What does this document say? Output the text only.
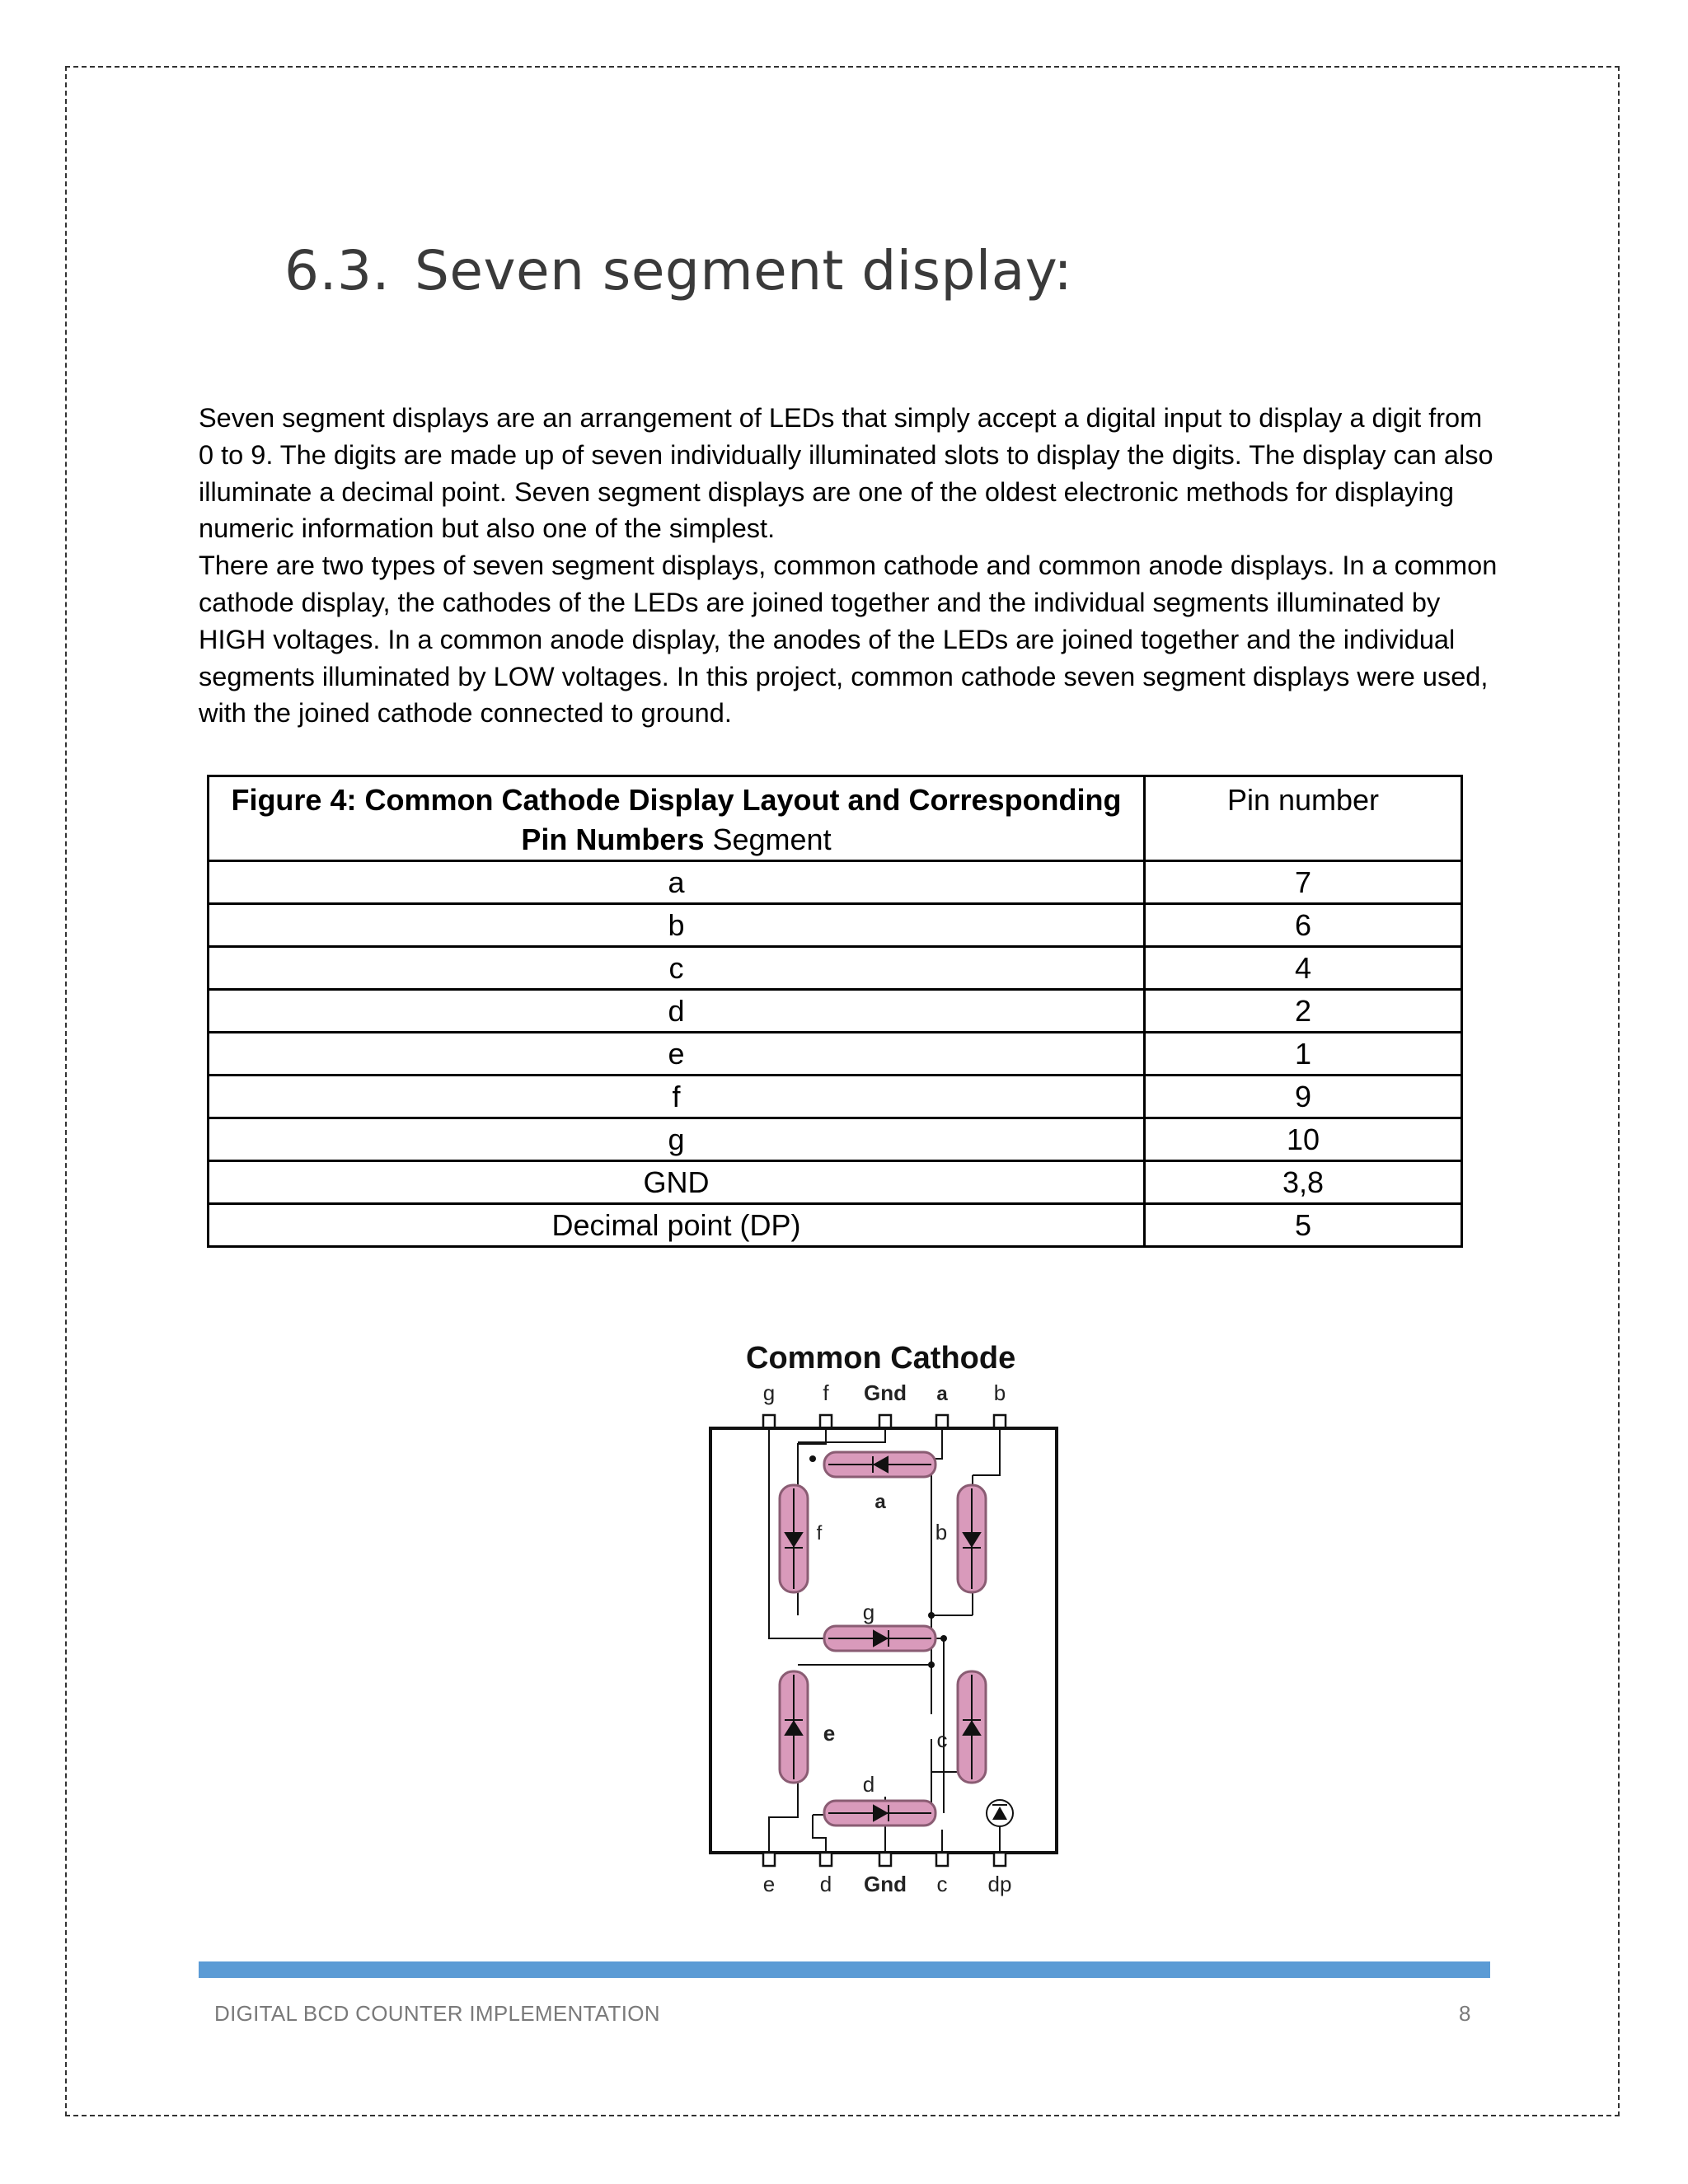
6.3. Seven segment display:

Seven segment displays are an arrangement of LEDs that simply accept a digital input to display a digit from 0 to 9. The digits are made up of seven individually illuminated slots to display the digits. The display can also illuminate a decimal point. Seven segment displays are one of the oldest electronic methods for displaying numeric information but also one of the simplest.

There are two types of seven segment displays, common cathode and common anode displays. In a common cathode display, the cathodes of the LEDs are joined together and the individual segments illuminated by HIGH voltages. In a common anode display, the anodes of the LEDs are joined together and the individual segments illuminated by LOW voltages. In this project, common cathode seven segment displays were used, with the joined cathode connected to ground.

Figure 4: Common Cathode Display Layout and Corresponding Pin Numbers Segment	Pin number
a	7
b	6
c	4
d	2
e	1
f	9
g	10
GND	3,8
Decimal point (DP)	5
Common Cathode
g f Gnd a b
e d Gnd c dp
a
f	b
g
e	c
d
DIGITAL BCD COUNTER IMPLEMENTATION	8
